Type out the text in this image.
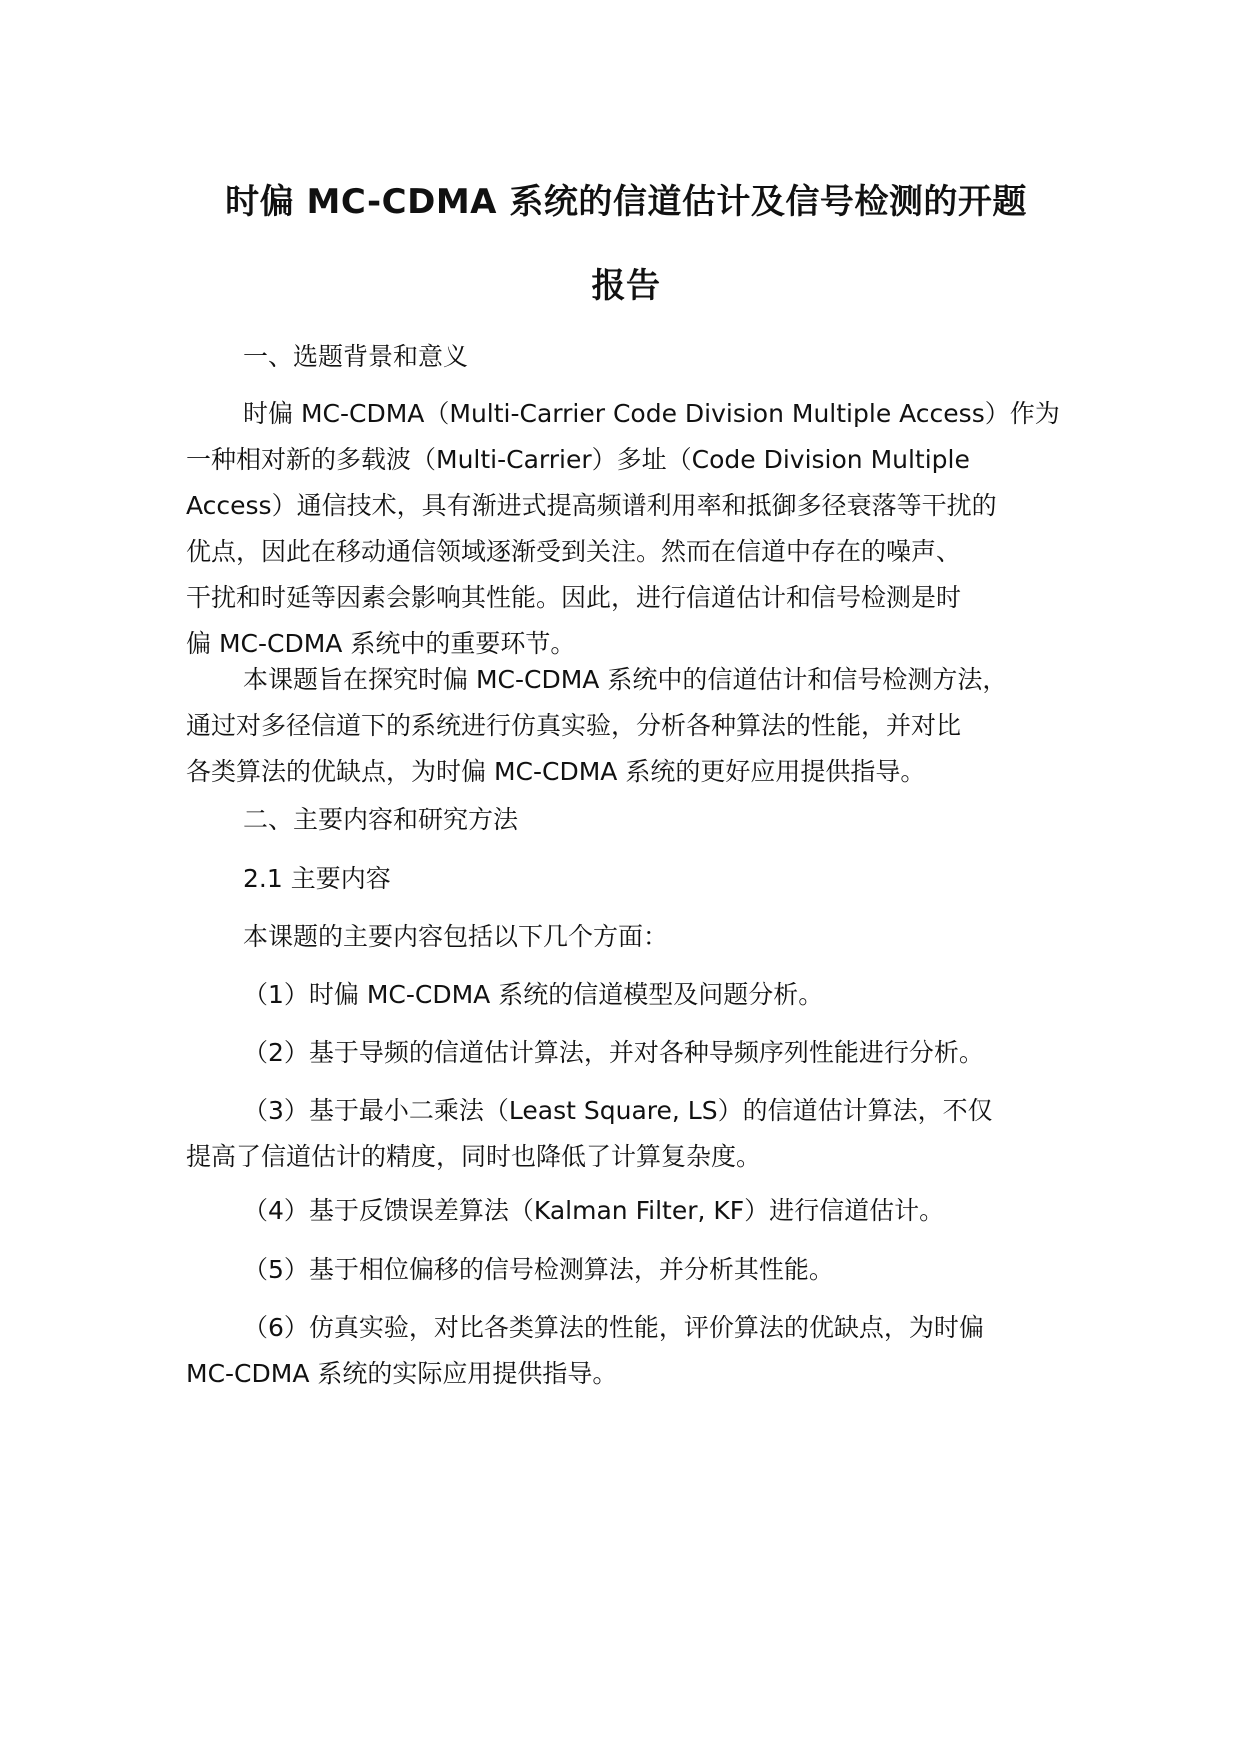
时偏 MC-CDMA 系统的信道估计及信号检测的开题
报告

一、选题背景和意义

时偏 MC-CDMA（Multi-Carrier Code Division Multiple Access）作为
一种相对新的多载波（Multi-Carrier）多址（Code Division Multiple
Access）通信技术，具有渐进式提高频谱利用率和抵御多径衰落等干扰的
优点，因此在移动通信领域逐渐受到关注。然而在信道中存在的噪声、
干扰和时延等因素会影响其性能。因此，进行信道估计和信号检测是时
偏 MC-CDMA 系统中的重要环节。

本课题旨在探究时偏 MC-CDMA 系统中的信道估计和信号检测方法，
通过对多径信道下的系统进行仿真实验，分析各种算法的性能，并对比
各类算法的优缺点，为时偏 MC-CDMA 系统的更好应用提供指导。

二、主要内容和研究方法

2.1 主要内容

本课题的主要内容包括以下几个方面：

（1）时偏 MC-CDMA 系统的信道模型及问题分析。

（2）基于导频的信道估计算法，并对各种导频序列性能进行分析。

（3）基于最小二乘法（Least Square, LS）的信道估计算法，不仅
提高了信道估计的精度，同时也降低了计算复杂度。

（4）基于反馈误差算法（Kalman Filter, KF）进行信道估计。

（5）基于相位偏移的信号检测算法，并分析其性能。

（6）仿真实验，对比各类算法的性能，评价算法的优缺点，为时偏
MC-CDMA 系统的实际应用提供指导。
